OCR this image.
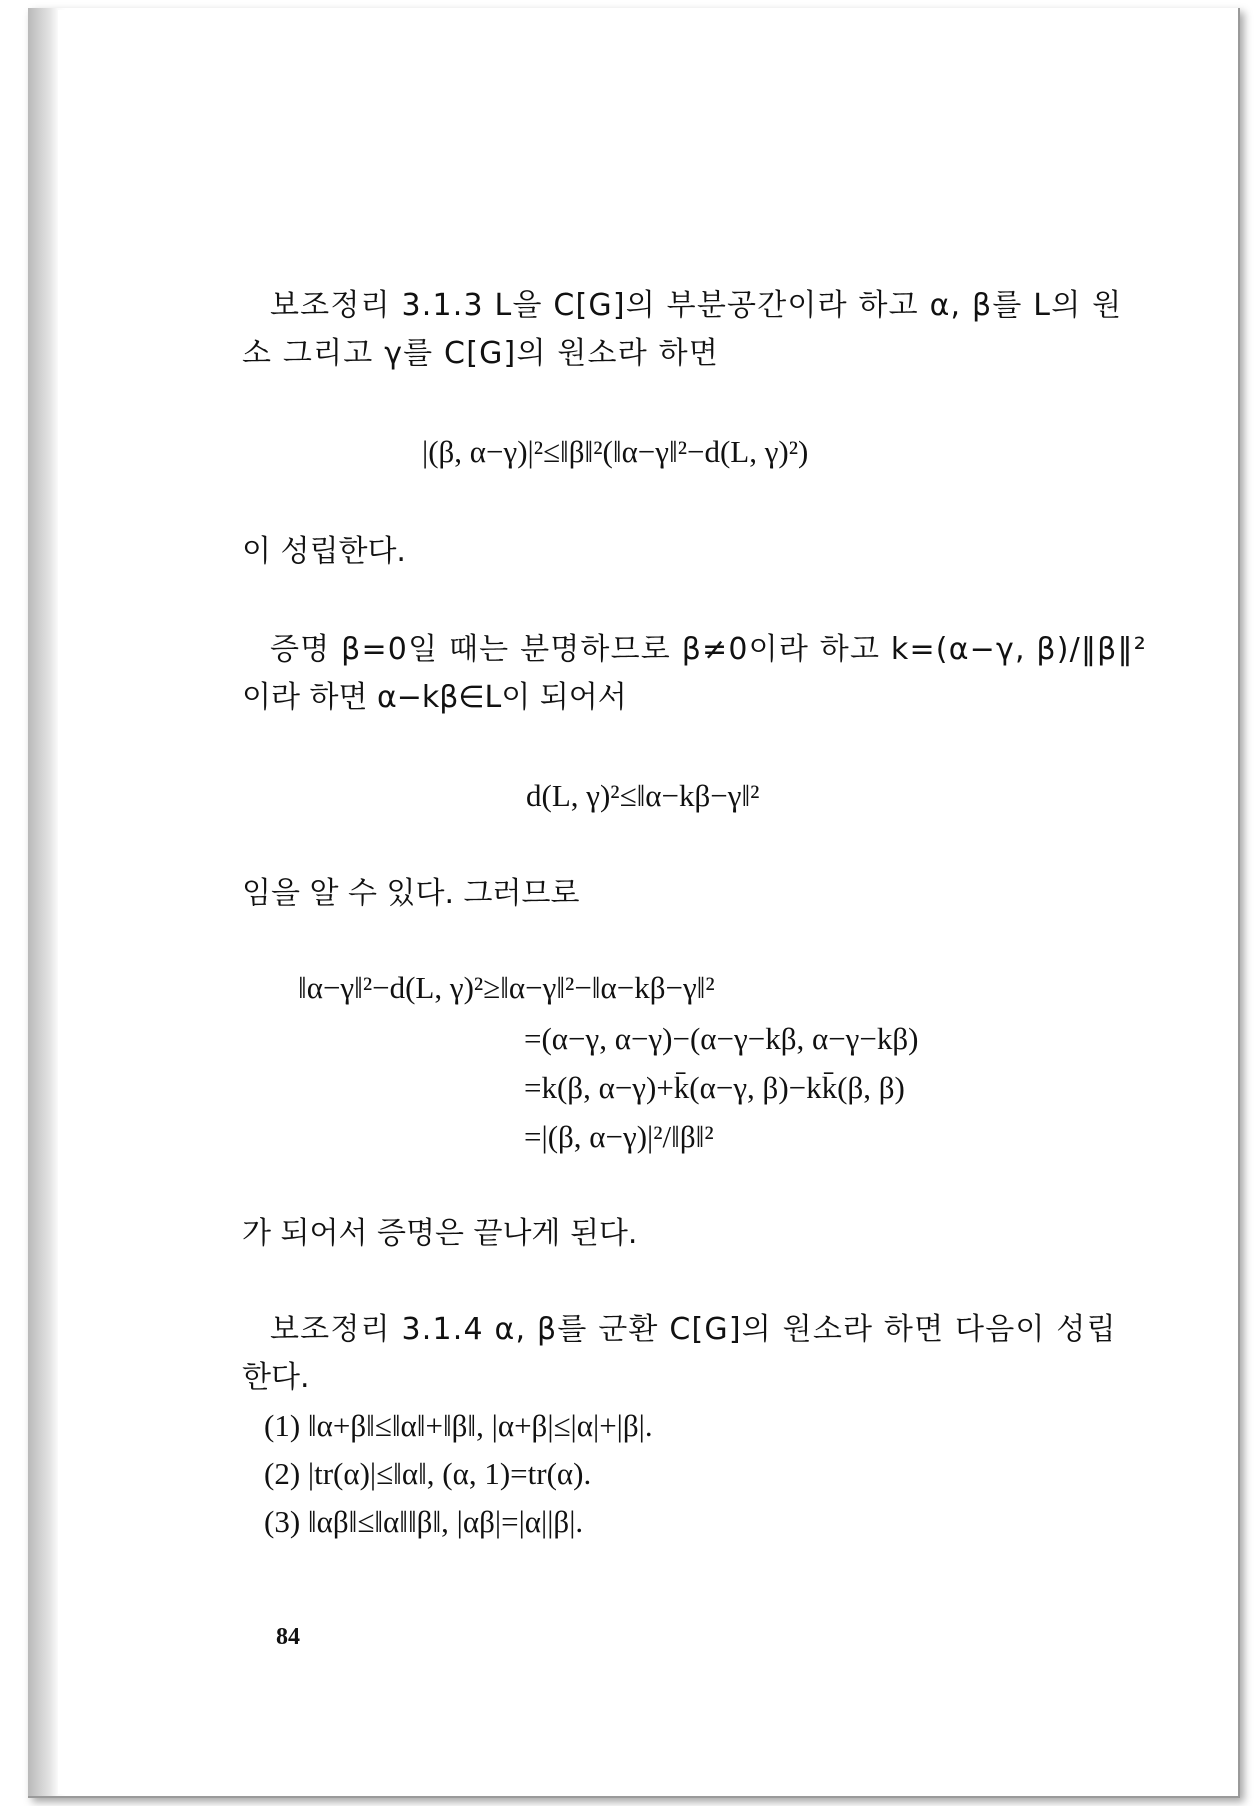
보조정리 3.1.3 L을 C[G]의 부분공간이라 하고 α, β를 L의 원
소 그리고 γ를 C[G]의 원소라 하면
|(β, α−γ)|²≤‖β‖²(‖α−γ‖²−d(L, γ)²)
이 성립한다.
증명 β=0일 때는 분명하므로 β≠0이라 하고 k=(α−γ, β)/‖β‖²
이라 하면 α−kβ∈L이 되어서
d(L, γ)²≤‖α−kβ−γ‖²
임을 알 수 있다. 그러므로
‖α−γ‖²−d(L, γ)²≥‖α−γ‖²−‖α−kβ−γ‖²
=(α−γ, α−γ)−(α−γ−kβ, α−γ−kβ)
=k(β, α−γ)+k̄(α−γ, β)−kk̄(β, β)
=|(β, α−γ)|²/‖β‖²
가 되어서 증명은 끝나게 된다.
보조정리 3.1.4 α, β를 군환 C[G]의 원소라 하면 다음이 성립
한다.
(1) ‖α+β‖≤‖α‖+‖β‖, |α+β|≤|α|+|β|.
(2) |tr(α)|≤‖α‖, (α, 1)=tr(α).
(3) ‖αβ‖≤‖α‖‖β‖, |αβ|=|α||β|.
84
